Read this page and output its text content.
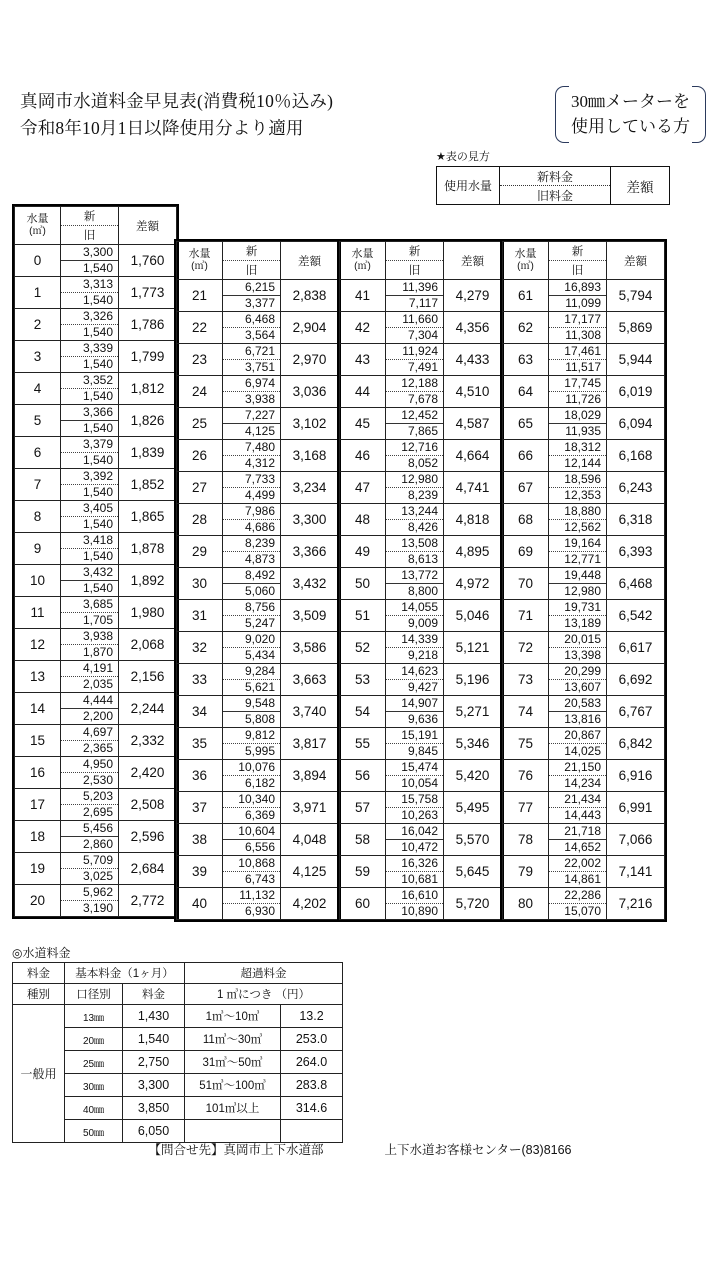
真岡市水道料金早見表(消費税10％込み)
令和8年10月1日以降使用分より適用
30㎜メーターを
使用している方
★表の見方
使用水量	新料金	差額
旧料金
水量
(㎥)	新	差額
	旧	
0	3,300
1,540	1,760
1	3,313
1,540	1,773
2	3,326
1,540	1,786
3	3,339
1,540	1,799
4	3,352
1,540	1,812
5	3,366
1,540	1,826
6	3,379
1,540	1,839
7	3,392
1,540	1,852
8	3,405
1,540	1,865
9	3,418
1,540	1,878
10	3,432
1,540	1,892
11	3,685
1,705	1,980
12	3,938
1,870	2,068
13	4,191
2,035	2,156
14	4,444
2,200	2,244
15	4,697
2,365	2,332
16	4,950
2,530	2,420
17	5,203
2,695	2,508
18	5,456
2,860	2,596
19	5,709
3,025	2,684
20	5,962
3,190	2,772
水量
(㎥)	新	差額
	旧	
21	6,215
3,377	2,838
22	6,468
3,564	2,904
23	6,721
3,751	2,970
24	6,974
3,938	3,036
25	7,227
4,125	3,102
26	7,480
4,312	3,168
27	7,733
4,499	3,234
28	7,986
4,686	3,300
29	8,239
4,873	3,366
30	8,492
5,060	3,432
31	8,756
5,247	3,509
32	9,020
5,434	3,586
33	9,284
5,621	3,663
34	9,548
5,808	3,740
35	9,812
5,995	3,817
36	10,076
6,182	3,894
37	10,340
6,369	3,971
38	10,604
6,556	4,048
39	10,868
6,743	4,125
40	11,132
6,930	4,202
水量
(㎥)	新	差額
	旧	
41	11,396
7,117	4,279
42	11,660
7,304	4,356
43	11,924
7,491	4,433
44	12,188
7,678	4,510
45	12,452
7,865	4,587
46	12,716
8,052	4,664
47	12,980
8,239	4,741
48	13,244
8,426	4,818
49	13,508
8,613	4,895
50	13,772
8,800	4,972
51	14,055
9,009	5,046
52	14,339
9,218	5,121
53	14,623
9,427	5,196
54	14,907
9,636	5,271
55	15,191
9,845	5,346
56	15,474
10,054	5,420
57	15,758
10,263	5,495
58	16,042
10,472	5,570
59	16,326
10,681	5,645
60	16,610
10,890	5,720
水量
(㎥)	新	差額
	旧	
61	16,893
11,099	5,794
62	17,177
11,308	5,869
63	17,461
11,517	5,944
64	17,745
11,726	6,019
65	18,029
11,935	6,094
66	18,312
12,144	6,168
67	18,596
12,353	6,243
68	18,880
12,562	6,318
69	19,164
12,771	6,393
70	19,448
12,980	6,468
71	19,731
13,189	6,542
72	20,015
13,398	6,617
73	20,299
13,607	6,692
74	20,583
13,816	6,767
75	20,867
14,025	6,842
76	21,150
14,234	6,916
77	21,434
14,443	6,991
78	21,718
14,652	7,066
79	22,002
14,861	7,141
80	22,286
15,070	7,216
◎水道料金
料金	基本料金（1ヶ月）		超過料金	
種別	口径別	料金	1 ㎥につき （円）	
一般用	13㎜	1,430	1㎥～10㎥	13.2
	20㎜	1,540	11㎥～30㎥	253.0
	25㎜	2,750	31㎥～50㎥	264.0
	30㎜	3,300	51㎥～100㎥	283.8
	40㎜	3,850	101㎥以上	314.6
	50㎜	6,050		
【問合せ先】真岡市上下水道部	上下水道お客様センター(83)8166
